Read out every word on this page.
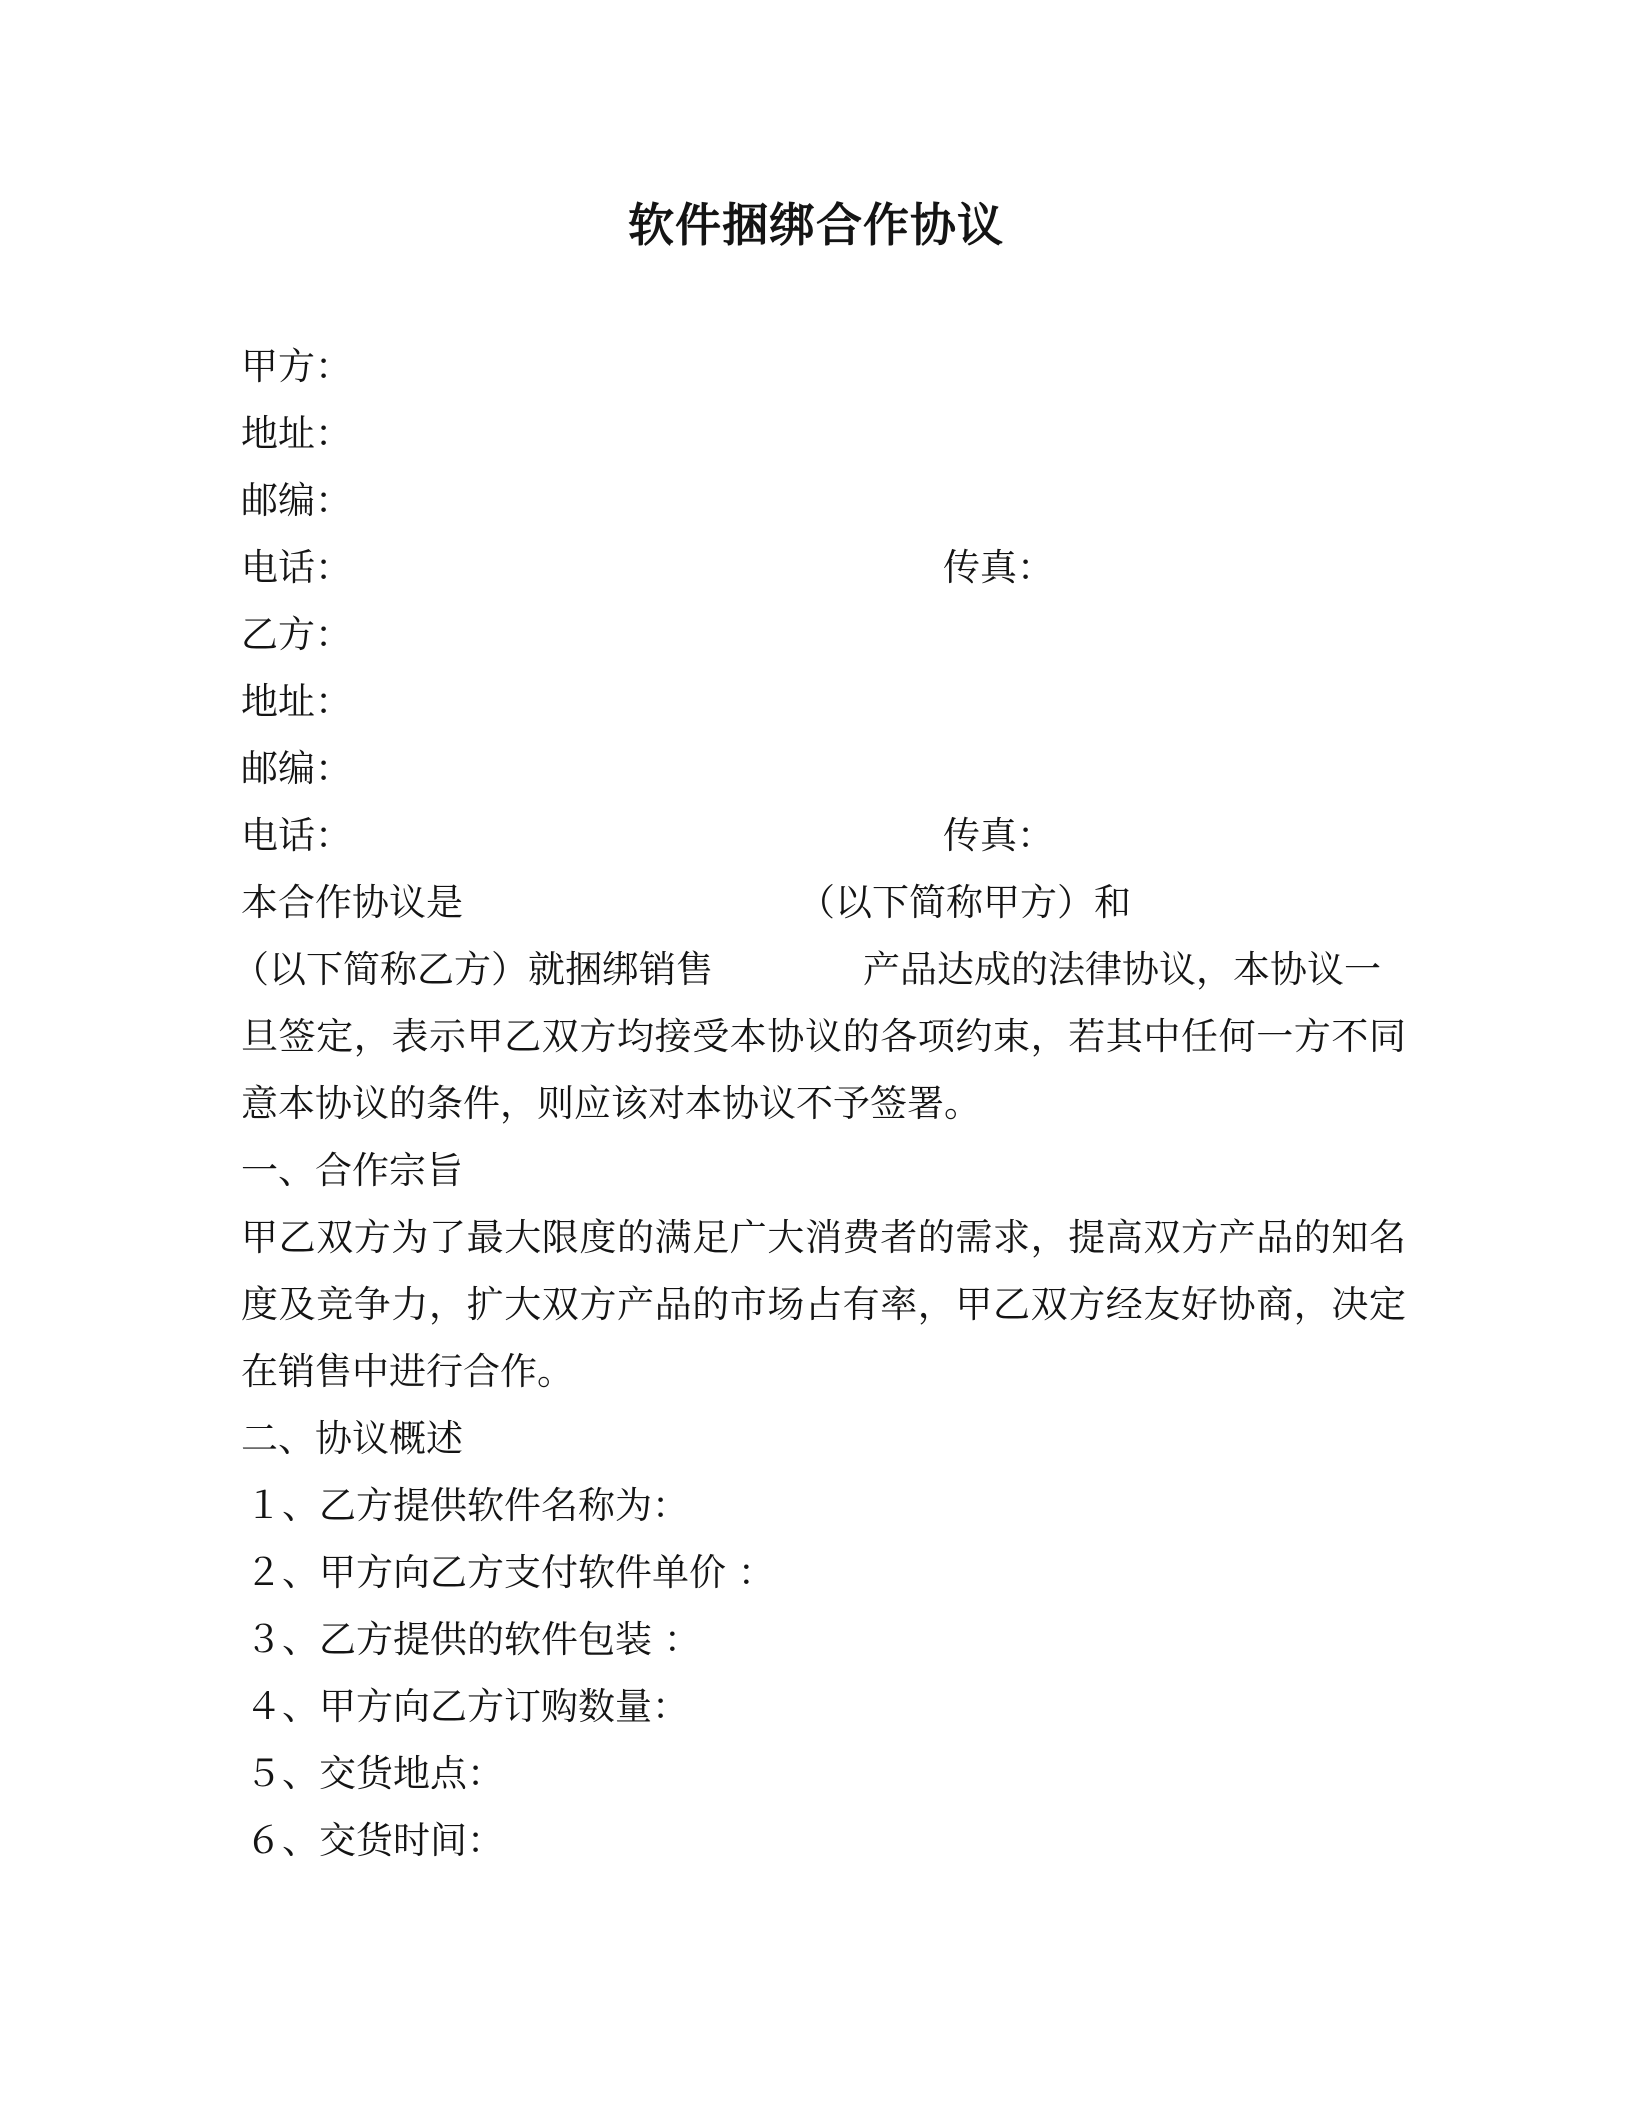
软件捆绑合作协议
甲方：
地址：
邮编：
电话：	传真：
乙方：
地址：
邮编：
电话：	传真：
本合作协议是	（以下简称甲方）和
（以下简称乙方）就捆绑销售	产品达成的法律协议，本协议一
旦签定，表示甲乙双方均接受本协议的各项约束，若其中任何一方不同
意本协议的条件，则应该对本协议不予签署。
一、合作宗旨
甲乙双方为了最大限度的满足广大消费者的需求，提高双方产品的知名
度及竞争力，扩大双方产品的市场占有率，甲乙双方经友好协商，决定
在销售中进行合作。
二、协议概述
１、乙方提供软件名称为：
２、甲方向乙方支付软件单价 ：
３、乙方提供的软件包装 ：
４、甲方向乙方订购数量：
５、交货地点：
６、交货时间：
